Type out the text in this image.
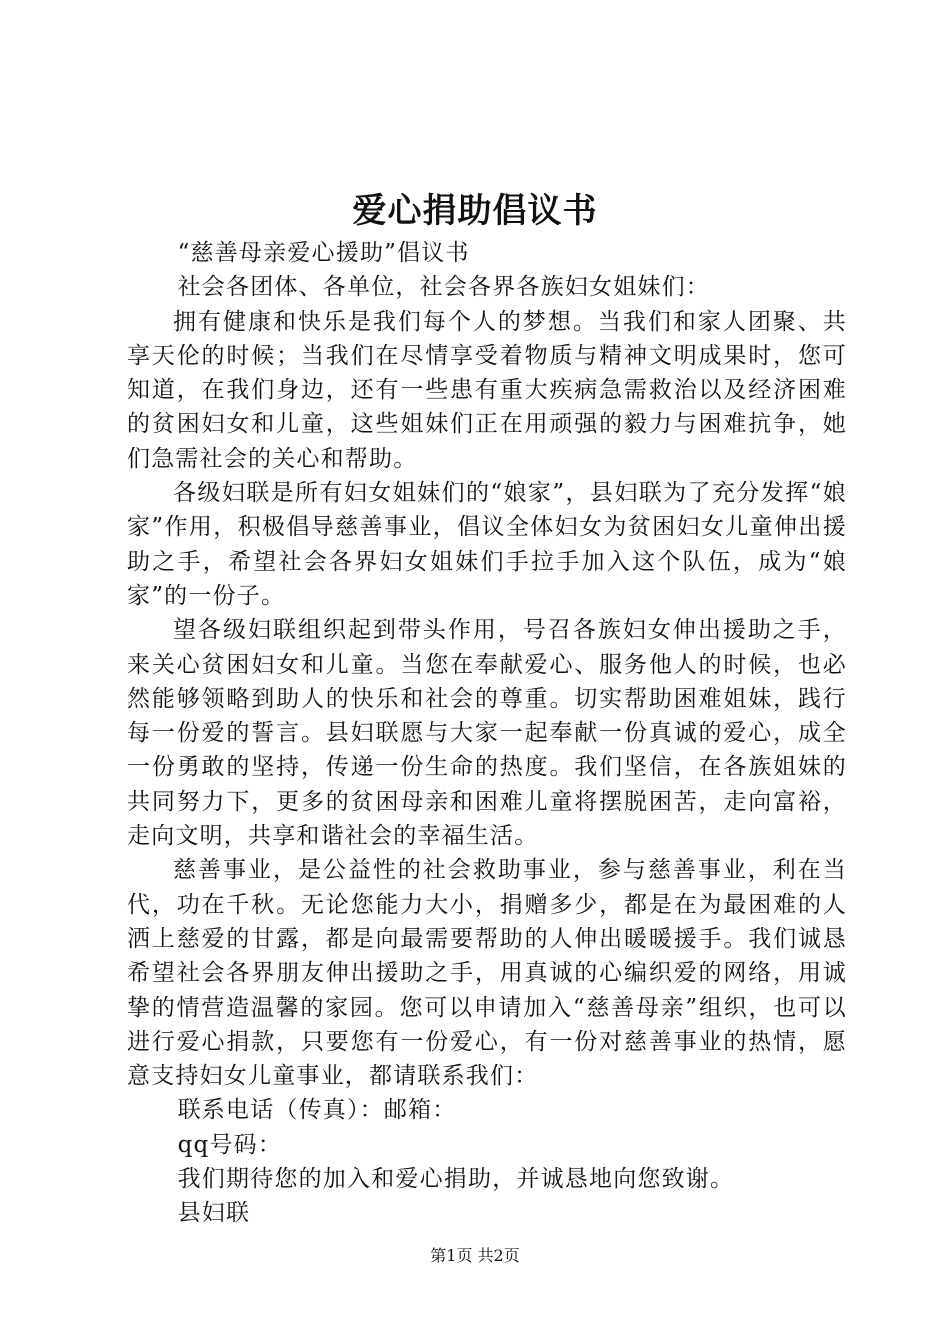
爱心捐助倡议书

“慈善母亲爱心援助”倡议书

社会各团体、各单位，社会各界各族妇女姐妹们：

拥有健康和快乐是我们每个人的梦想。当我们和家人团聚、共享天伦的时候；当我们在尽情享受着物质与精神文明成果时，您可知道，在我们身边，还有一些患有重大疾病急需救治以及经济困难的贫困妇女和儿童，这些姐妹们正在用顽强的毅力与困难抗争，她们急需社会的关心和帮助。

各级妇联是所有妇女姐妹们的“娘家”，县妇联为了充分发挥“娘家”作用，积极倡导慈善事业，倡议全体妇女为贫困妇女儿童伸出援助之手，希望社会各界妇女姐妹们手拉手加入这个队伍，成为“娘家”的一份子。

望各级妇联组织起到带头作用，号召各族妇女伸出援助之手，来关心贫困妇女和儿童。当您在奉献爱心、服务他人的时候，也必然能够领略到助人的快乐和社会的尊重。切实帮助困难姐妹，践行每一份爱的誓言。县妇联愿与大家一起奉献一份真诚的爱心，成全一份勇敢的坚持，传递一份生命的热度。我们坚信，在各族姐妹的共同努力下，更多的贫困母亲和困难儿童将摆脱困苦，走向富裕，走向文明，共享和谐社会的幸福生活。

慈善事业，是公益性的社会救助事业，参与慈善事业，利在当代，功在千秋。无论您能力大小，捐赠多少，都是在为最困难的人洒上慈爱的甘露，都是向最需要帮助的人伸出暖暖援手。我们诚恳希望社会各界朋友伸出援助之手，用真诚的心编织爱的网络，用诚挚的情营造温馨的家园。您可以申请加入“慈善母亲”组织，也可以进行爱心捐款，只要您有一份爱心，有一份对慈善事业的热情，愿意支持妇女儿童事业，都请联系我们：

联系电话（传真）：邮箱：

qq号码：

我们期待您的加入和爱心捐助，并诚恳地向您致谢。

县妇联

第1页 共2页
